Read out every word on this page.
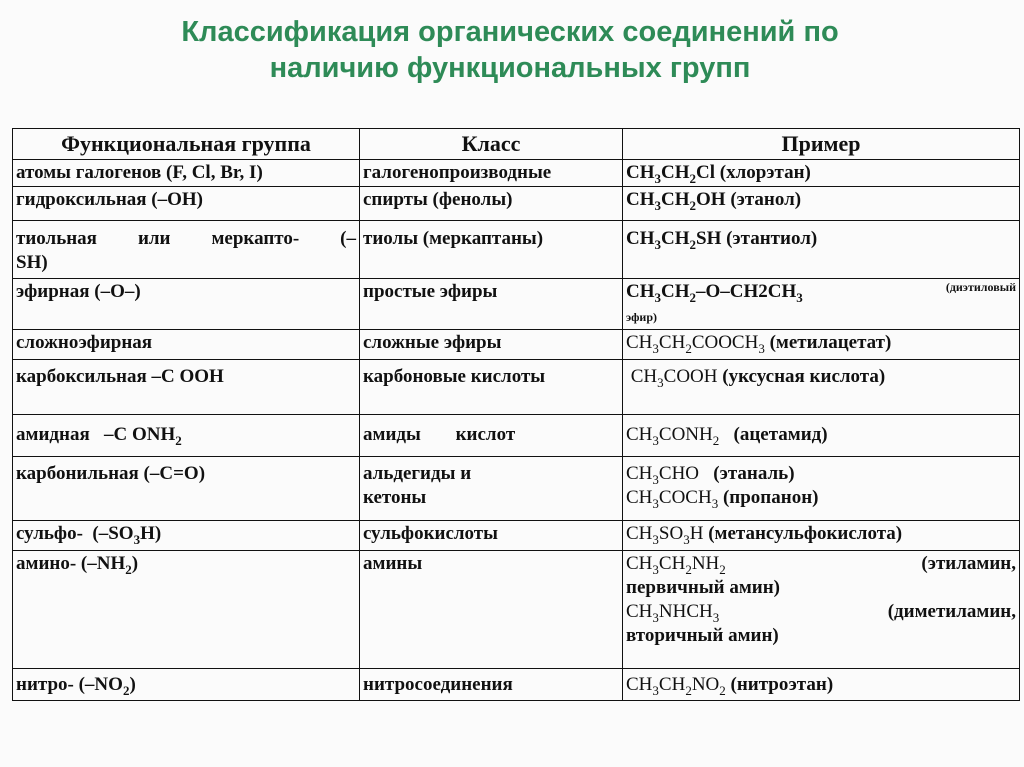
Классификация органических соединений по
наличию функциональных групп
Функциональная группа	Класс	Пример
атомы галогенов (F, Cl, Br, I)	галогенопроизводные	$CH_3CH_2Cl$ (хлорэтан)
гидроксильная (–OH)	спирты (фенолы)	$CH_3CH_2OH$ (этанол)

тиольная или меркапто- (–
SH)	тиолы (меркаптаны)	$CH_3CH_2SH$ (этантиол)
эфирная (–O–)	простые эфиры	$CH_3CH_2-O-CH2CH_3$
(диэтиловый
эфир)
сложноэфирная	сложные эфиры	$CH_3CH_2COOCH_3$ (метилацетат)
карбоксильная –C OOH	карбоновые кислоты	$CH_3COOH$ (уксусная кислота)
амидная   –C $ONH_2$	амиды кислот	$CH_3CONH_2$   (ацетамид)
карбонильная (–C=O)	альдегиды и
кетоны	$CH_3CHO$   (этаналь)
$CH_3COCH_3$ (пропанон)

сульфо-  $(-SO_3H)$	сульфокислоты	$CH_3SO_3H$ (метансульфокислота)
амино- $(-NH_2)$	амины	$CH_3CH_2NH_2$ (этиламин,
первичный амин)
$CH_3NHCH_3$ (диметиламин,
вторичный амин)

нитро- $(-NO_2)$	нитросоединения	$CH_3CH_2NO_2$ (нитроэтан)
